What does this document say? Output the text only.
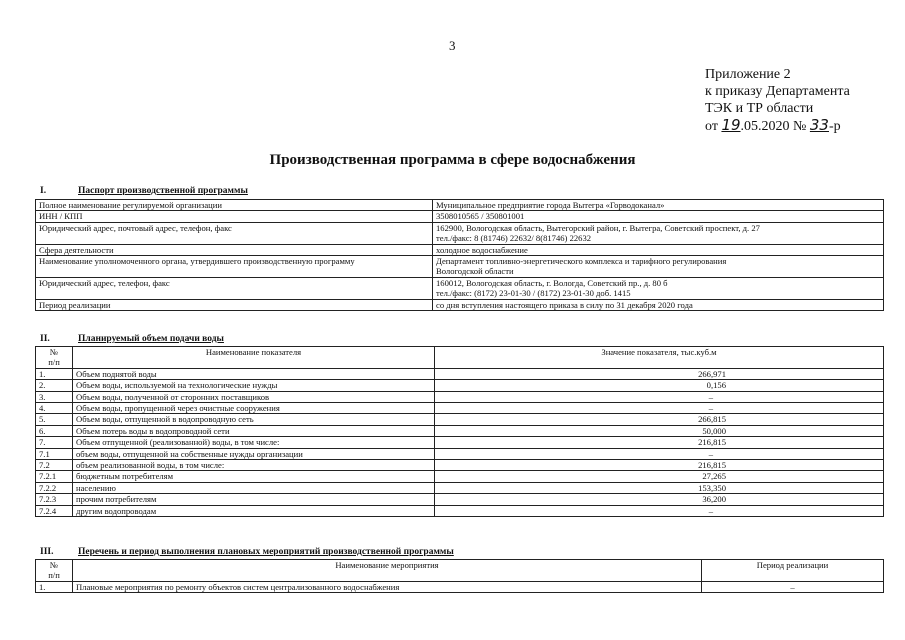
3
Приложение 2
к приказу Департамента
ТЭК и ТР области
от 19.05.2020 № 33-р
Производственная программа в сфере водоснабжения
I.	Паспорт производственной программы
Полное наименование регулируемой организации	Муниципальное предприятие города Вытегра «Горводоканал»
ИНН / КПП	3508010565 / 350801001
Юридический адрес, почтовый адрес, телефон, факс	162900, Вологодская область, Вытегорский район, г. Вытегра, Советский проспект, д. 27
тел./факс: 8 (81746) 22632/ 8(81746) 22632

Сфера деятельности	холодное водоснабжение
Наименование уполномоченного органа, утвердившего производственную программу	Департамент топливно-энергетического комплекса и тарифного регулирования
Вологодской области

Юридический адрес, телефон, факс	160012, Вологодская область, г. Вологда, Советский пр., д. 80 б
тел./факс: (8172) 23-01-30 / (8172) 23-01-30 доб. 1415

Период реализации	со дня вступления настоящего приказа в силу по 31 декабря 2020 года
II.	Планируемый объем подачи воды
№
п/п	Наименование показателя	Значение показателя, тыс.куб.м
1.	Объем поднятой воды	266,971
2.	Объем воды, используемой на технологические нужды	0,156
3.	Объем воды, полученной от сторонних поставщиков	–
4.	Объем воды, пропущенной через очистные сооружения	–
5.	Объем воды, отпущенной в водопроводную сеть	266,815
6.	Объем потерь воды в водопроводной сети	50,000
7.	Объем отпущенной (реализованной) воды, в том числе:	216,815
7.1	объем воды, отпущенной на собственные нужды организации	–
7.2	объем реализованной воды, в том числе:	216,815
7.2.1	бюджетным потребителям	27,265
7.2.2	населению	153,350
7.2.3	прочим потребителям	36,200
7.2.4	другим водопроводам	–
III.	Перечень и период выполнения плановых мероприятий производственной программы
№
п/п	Наименование мероприятия	Период реализации
1.	Плановые мероприятия по ремонту объектов систем централизованного водоснабжения	–
